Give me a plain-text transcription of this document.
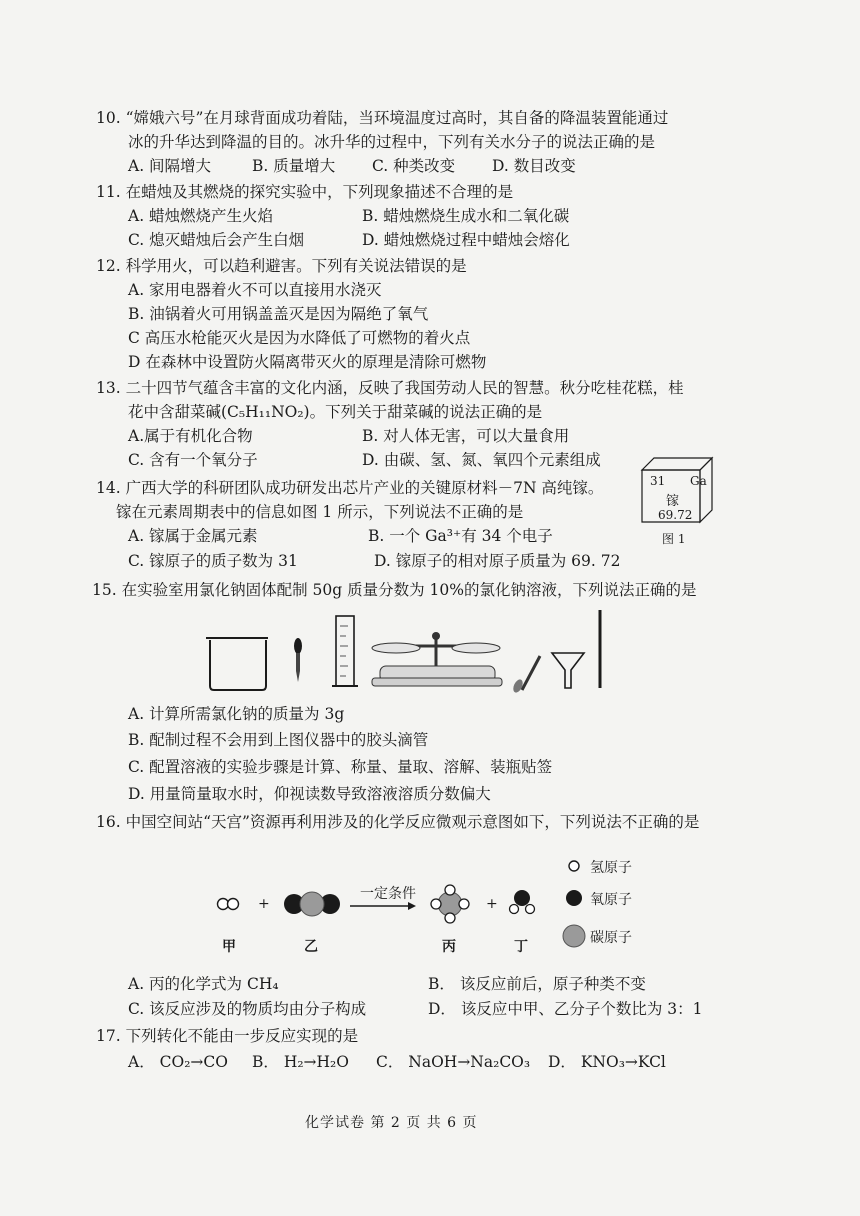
10. “嫦娥六号”在月球背面成功着陆，当环境温度过高时，其自备的降温装置能通过
冰的升华达到降温的目的。冰升华的过程中，下列有关水分子的说法正确的是
A. 间隔增大	B. 质量增大 C. 种类改变 D. 数目改变
11. 在蜡烛及其燃烧的探究实验中，下列现象描述不合理的是
A. 蜡烛燃烧产生火焰	B. 蜡烛燃烧生成水和二氧化碳
C. 熄灭蜡烛后会产生白烟	D. 蜡烛燃烧过程中蜡烛会熔化
12. 科学用火，可以趋利避害。下列有关说法错误的是
A. 家用电器着火不可以直接用水浇灭
B. 油锅着火可用锅盖盖灭是因为隔绝了氧气
C 高压水枪能灭火是因为水降低了可燃物的着火点
D 在森林中设置防火隔离带灭火的原理是清除可燃物
13. 二十四节气蕴含丰富的文化内涵，反映了我国劳动人民的智慧。秋分吃桂花糕，桂
花中含甜菜碱(C₅H₁₁NO₂)。下列关于甜菜碱的说法正确的是
A.属于有机化合物	B. 对人体无害，可以大量食用
C. 含有一个氧分子	D. 由碳、氢、氮、氧四个元素组成
14. 广西大学的科研团队成功研发出芯片产业的关键原材料－7N 高纯镓。
镓在元素周期表中的信息如图 1 所示，下列说法不正确的是
A. 镓属于金属元素	B. 一个 Ga³⁺有 34 个电子
C. 镓原子的质子数为 31	D. 镓原子的相对原子质量为 69. 72
31 Ga
镓
69.72
图 1
15. 在实验室用氯化钠固体配制 50g 质量分数为 10%的氯化钠溶液，下列说法正确的是
A. 计算所需氯化钠的质量为 3g
B. 配制过程不会用到上图仪器中的胶头滴管
C. 配置溶液的实验步骤是计算、称量、量取、溶解、装瓶贴签
D. 用量筒量取水时，仰视读数导致溶液溶质分数偏大
16. 中国空间站“天宫”资源再利用涉及的化学反应微观示意图如下，下列说法不正确的是
+
一定条件
+
甲	乙	丙	丁
氢原子
氧原子
碳原子
A. 丙的化学式为 CH₄	B． 该反应前后，原子种类不变
C. 该反应涉及的物质均由分子构成	D． 该反应中甲、乙分子个数比为 3：1
17. 下列转化不能由一步反应实现的是
A． CO₂→CO B． H₂→H₂O C． NaOH→Na₂CO₃ D． KNO₃→KCl
化学试卷 第 2 页 共 6 页
